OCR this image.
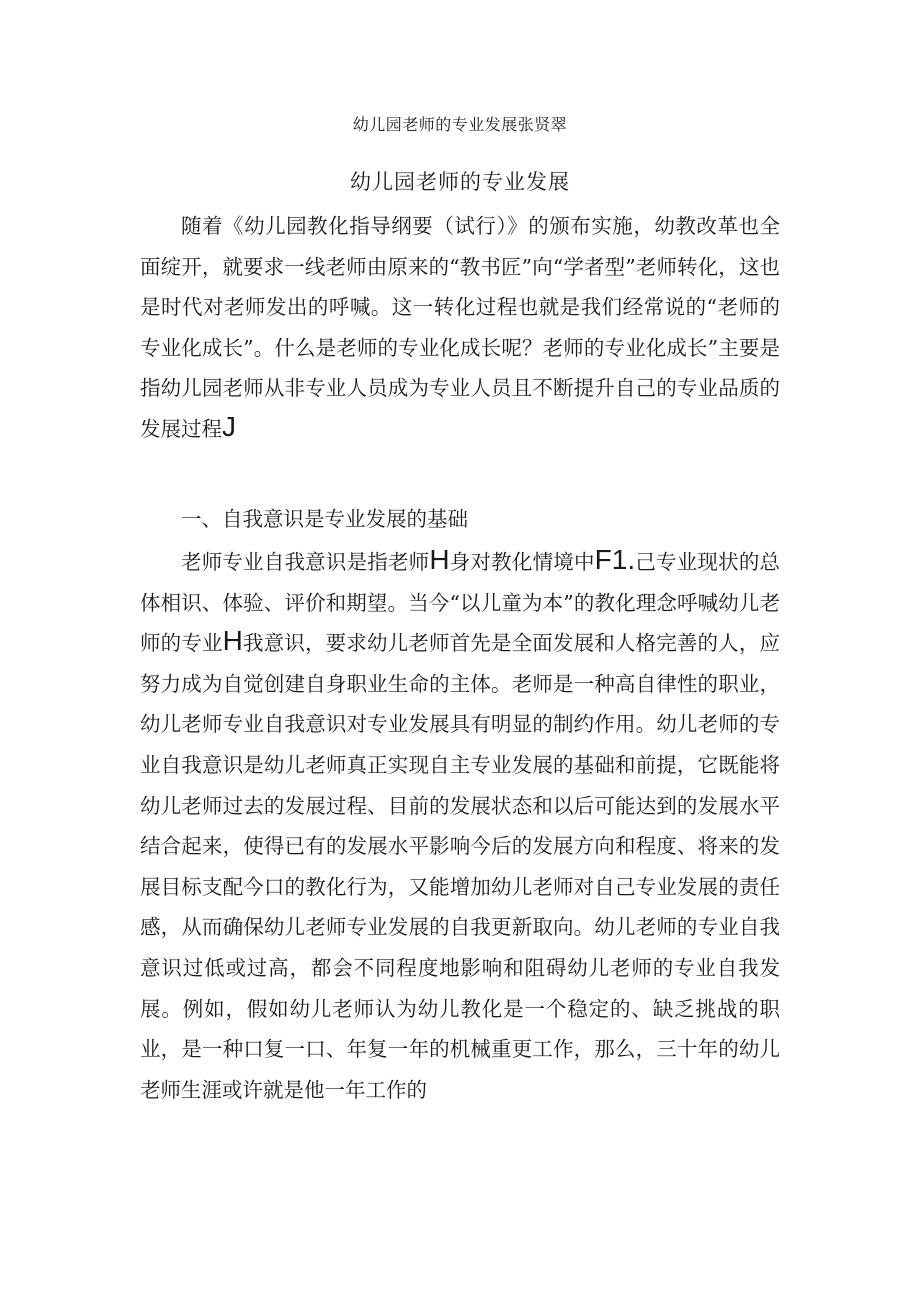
幼儿园老师的专业发展张贤翠
幼儿园老师的专业发展

随着《幼儿园教化指导纲要（试行）》的颁布实施，幼教改革也全面绽开，就要求一线老师由原来的“教书匠”向“学者型”老师转化，这也是时代对老师发出的呼喊。这一转化过程也就是我们经常说的“老师的专业化成长”。什么是老师的专业化成长呢？老师的专业化成长”主要是指幼儿园老师从非专业人员成为专业人员且不断提升自己的专业品质的发展过程J

一、自我意识是专业发展的基础

老师专业自我意识是指老师H身对教化情境中F1.己专业现状的总体相识、体验、评价和期望。当今“以儿童为本”的教化理念呼喊幼儿老师的专业H我意识，要求幼儿老师首先是全面发展和人格完善的人，应努力成为自觉创建自身职业生命的主体。老师是一种高自律性的职业，幼儿老师专业自我意识对专业发展具有明显的制约作用。幼儿老师的专业自我意识是幼儿老师真正实现自主专业发展的基础和前提，它既能将幼儿老师过去的发展过程、目前的发展状态和以后可能达到的发展水平结合起来，使得已有的发展水平影响今后的发展方向和程度、将来的发展目标支配今口的教化行为，又能增加幼儿老师对自己专业发展的责任感，从而确保幼儿老师专业发展的自我更新取向。幼儿老师的专业自我意识过低或过高，都会不同程度地影响和阻碍幼儿老师的专业自我发展。例如，假如幼儿老师认为幼儿教化是一个稳定的、缺乏挑战的职业，是一种口复一口、年复一年的机械重更工作，那么，三十年的幼儿老师生涯或许就是他一年工作的
